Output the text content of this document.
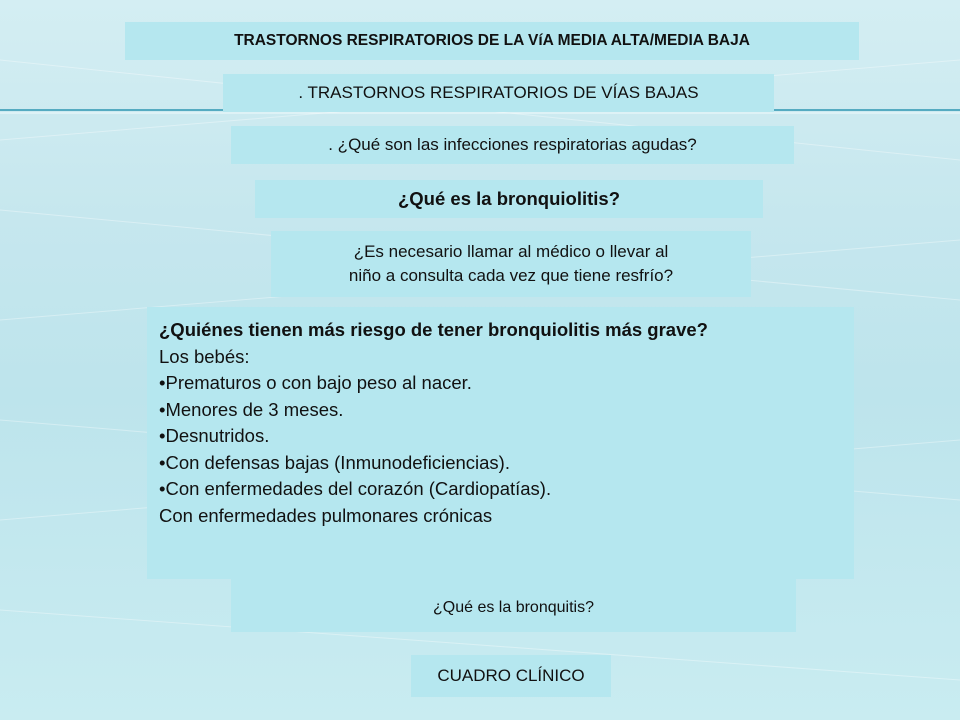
TRASTORNOS RESPIRATORIOS DE LA VíA MEDIA ALTA/MEDIA BAJA
. TRASTORNOS RESPIRATORIOS DE VÍAS BAJAS
. ¿Qué son las infecciones respiratorias agudas?
¿Qué es la bronquiolitis?
¿Es necesario llamar al médico o llevar al
niño a consulta cada vez que tiene resfrío?
¿Qué es la bronquitis?
¿Quiénes tienen más riesgo de tener bronquiolitis más grave?
Los bebés:
•Prematuros o con bajo peso al nacer.
•Menores de 3 meses.
•Desnutridos.
•Con defensas bajas (Inmunodeficiencias).
•Con enfermedades del corazón (Cardiopatías).
Con enfermedades pulmonares crónicas
CUADRO CLÍNICO
